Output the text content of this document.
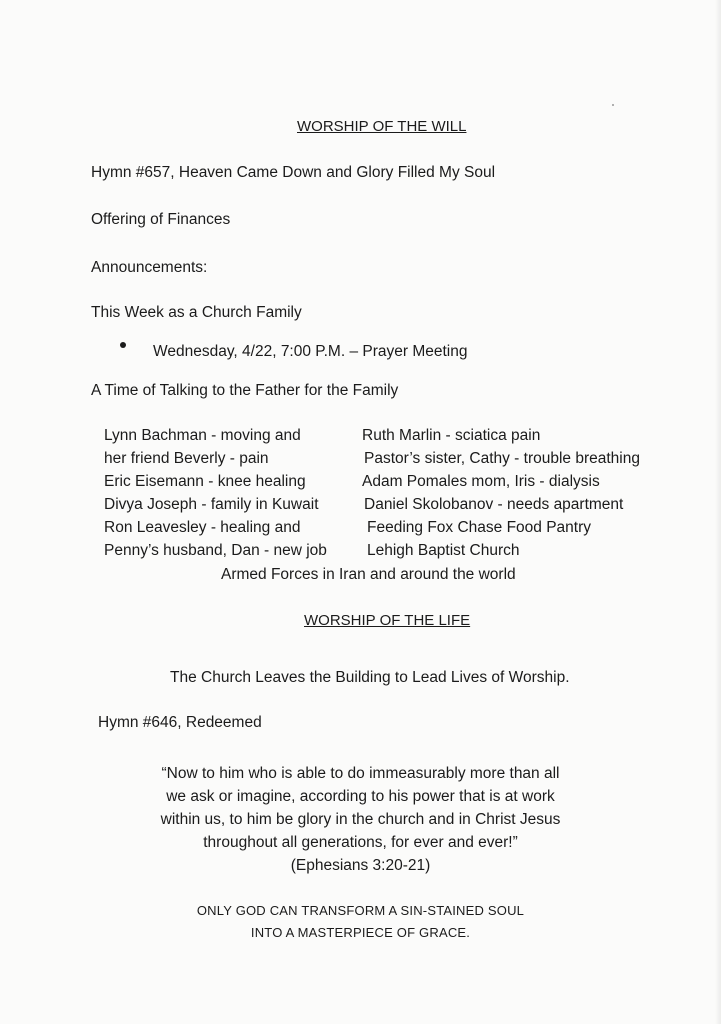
WORSHIP OF THE WILL
Hymn #657, Heaven Came Down and Glory Filled My Soul
Offering of Finances
Announcements:
This Week as a Church Family
Wednesday, 4/22, 7:00 P.M. – Prayer Meeting
A Time of Talking to the Father for the Family
Lynn Bachman - moving and
her friend Beverly - pain
Eric Eisemann - knee healing
Divya Joseph - family in Kuwait
Ron Leavesley - healing and
Penny’s husband, Dan - new job
Ruth Marlin - sciatica pain
Pastor’s sister, Cathy - trouble breathing
Adam Pomales mom, Iris - dialysis
Daniel Skolobanov - needs apartment
Feeding Fox Chase Food Pantry
Lehigh Baptist Church
Armed Forces in Iran and around the world
WORSHIP OF THE LIFE
The Church Leaves the Building to Lead Lives of Worship.
Hymn #646, Redeemed
“Now to him who is able to do immeasurably more than all
we ask or imagine, according to his power that is at work
within us, to him be glory in the church and in Christ Jesus
throughout all generations, for ever and ever!”
(Ephesians 3:20-21)
ONLY GOD CAN TRANSFORM A SIN-STAINED SOUL
INTO A MASTERPIECE OF GRACE.
